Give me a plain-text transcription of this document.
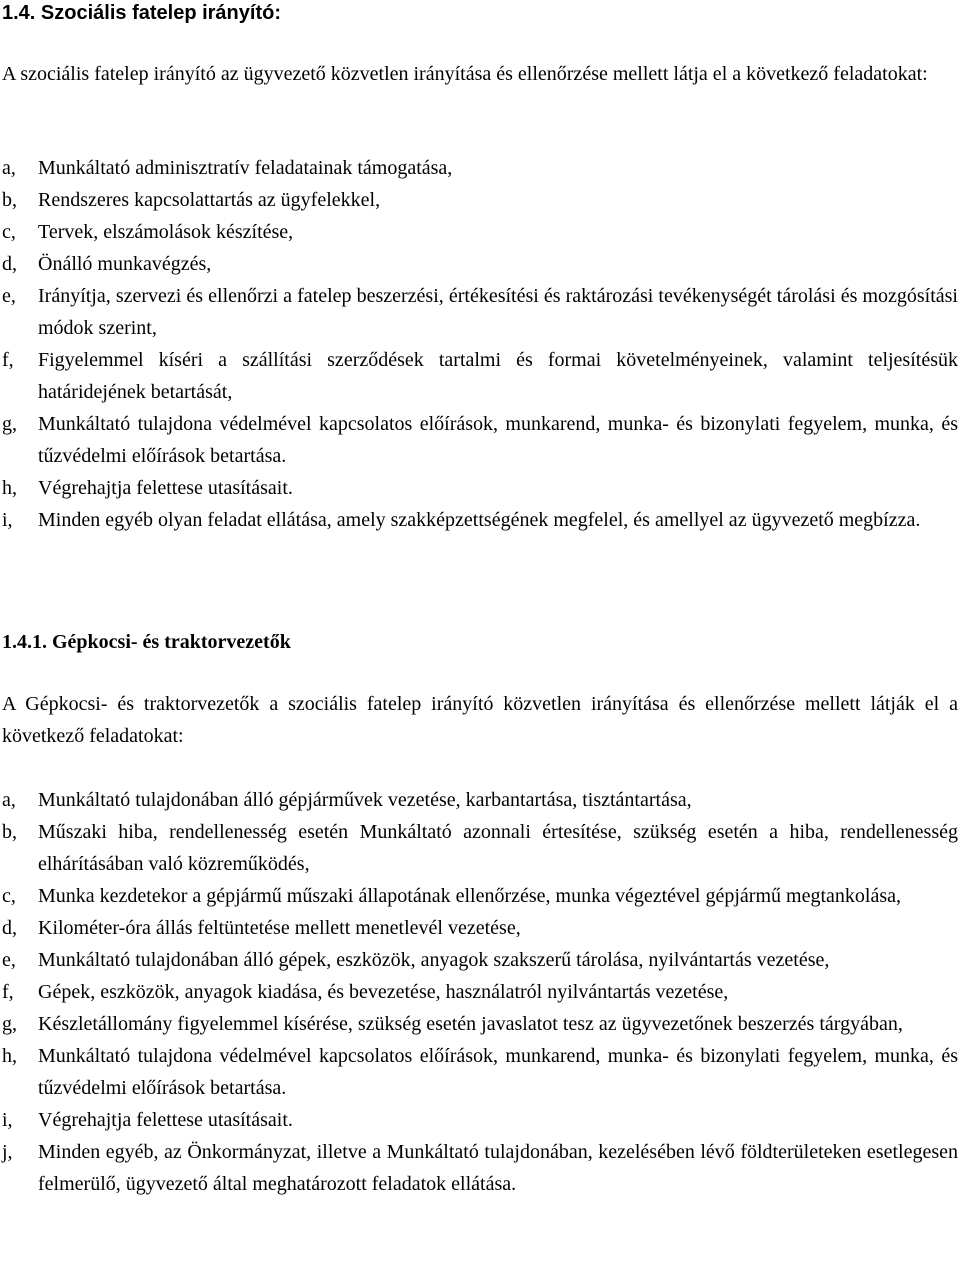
1.4. Szociális fatelep irányító:
A szociális fatelep irányító az ügyvezető közvetlen irányítása és ellenőrzése mellett látja el a következő feladatokat:
a,	Munkáltató adminisztratív feladatainak támogatása,
b,	Rendszeres kapcsolattartás az ügyfelekkel,
c,	Tervek, elszámolások készítése,
d,	Önálló munkavégzés,
e,	Irányítja, szervezi és ellenőrzi a fatelep beszerzési, értékesítési és raktározási tevékenységét tárolási és mozgósítási módok szerint,
f,	Figyelemmel kíséri a szállítási szerződések tartalmi és formai követelményeinek, valamint teljesítésük határidejének betartását,
g,	Munkáltató tulajdona védelmével kapcsolatos előírások, munkarend, munka- és bizonylati fegyelem, munka, és tűzvédelmi előírások betartása.
h,	Végrehajtja felettese utasításait.
i,	Minden egyéb olyan feladat ellátása, amely szakképzettségének megfelel, és amellyel az ügyvezető megbízza.
1.4.1. Gépkocsi- és traktorvezetők
A Gépkocsi- és traktorvezetők a szociális fatelep irányító közvetlen irányítása és ellenőrzése mellett látják el a következő feladatokat:
a,	Munkáltató tulajdonában álló gépjárművek vezetése, karbantartása, tisztántartása,
b,	Műszaki hiba, rendellenesség esetén Munkáltató azonnali értesítése, szükség esetén a hiba, rendellenesség elhárításában való közreműködés,
c,	Munka kezdetekor a gépjármű műszaki állapotának ellenőrzése, munka végeztével gépjármű megtankolása,
d,	Kilométer-óra állás feltüntetése mellett menetlevél vezetése,
e,	Munkáltató tulajdonában álló gépek, eszközök, anyagok szakszerű tárolása, nyilvántartás vezetése,
f,	Gépek, eszközök, anyagok kiadása, és bevezetése, használatról nyilvántartás vezetése,
g,	Készletállomány figyelemmel kísérése, szükség esetén javaslatot tesz az ügyvezetőnek beszerzés tárgyában,
h,	Munkáltató tulajdona védelmével kapcsolatos előírások, munkarend, munka- és bizonylati fegyelem, munka, és tűzvédelmi előírások betartása.
i,	Végrehajtja felettese utasításait.
j,	Minden egyéb, az Önkormányzat, illetve a Munkáltató tulajdonában, kezelésében lévő földterületeken esetlegesen felmerülő, ügyvezető által meghatározott feladatok ellátása.
